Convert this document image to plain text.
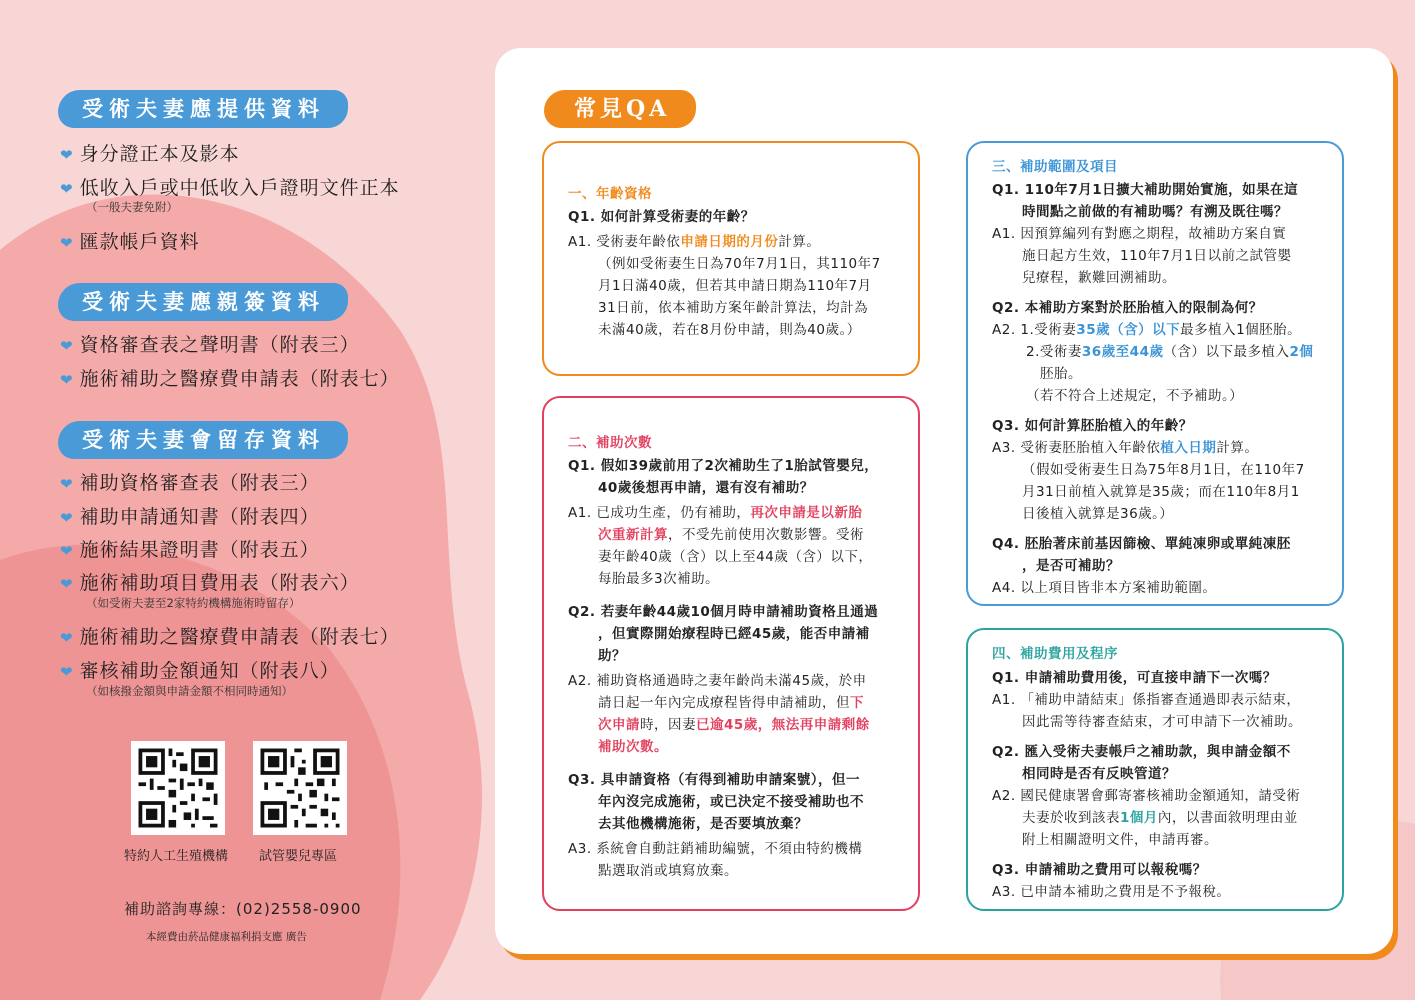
受術夫妻應提供資料
❤ 身分證正本及影本
❤ 低收入戶或中低收入戶證明文件正本
（一般夫妻免附）
❤ 匯款帳戶資料
受術夫妻應親簽資料
❤ 資格審查表之聲明書（附表三）
❤ 施術補助之醫療費申請表（附表七）
受術夫妻會留存資料
❤ 補助資格審查表（附表三）
❤ 補助申請通知書（附表四）
❤ 施術結果證明書（附表五）
❤ 施術補助項目費用表（附表六）
（如受術夫妻至2家特約機構施術時留存）
❤ 施術補助之醫療費申請表（附表七）
❤ 審核補助金額通知（附表八）
（如核撥金額與申請金額不相同時通知）
特約人工生殖機構 試管嬰兒專區
補助諮詢專線：(02)2558-0900
本經費由菸品健康福利捐支應 廣告
常見QA
一、年齡資格
Q1. 如何計算受術妻的年齡？
A1. 受術妻年齡依申請日期的月份計算。
（例如受術妻生日為70年7月1日，其110年7
月1日滿40歲，但若其申請日期為110年7月
31日前，依本補助方案年齡計算法，均計為
未滿40歲，若在8月份申請，則為40歲。）
二、補助次數
Q1. 假如39歲前用了2次補助生了1胎試管嬰兒，
40歲後想再申請，還有沒有補助？
A1. 已成功生產，仍有補助，再次申請是以新胎
次重新計算，不受先前使用次數影響。受術
妻年齡40歲（含）以上至44歲（含）以下，
每胎最多3次補助。
Q2. 若妻年齡44歲10個月時申請補助資格且通過
，但實際開始療程時已經45歲，能否申請補
助？
A2. 補助資格通過時之妻年齡尚未滿45歲，於申
請日起一年內完成療程皆得申請補助，但下
次申請時，因妻已逾45歲，無法再申請剩餘
補助次數。
Q3. 具申請資格（有得到補助申請案號），但一
年內沒完成施術，或已決定不接受補助也不
去其他機構施術，是否要填放棄？
A3. 系統會自動註銷補助編號，不須由特約機構
點選取消或填寫放棄。
三、補助範圍及項目
Q1. 110年7月1日擴大補助開始實施，如果在這
時間點之前做的有補助嗎？有溯及既往嗎？
A1. 因預算編列有對應之期程，故補助方案自實
施日起方生效，110年7月1日以前之試管嬰
兒療程，歉難回溯補助。
Q2. 本補助方案對於胚胎植入的限制為何？
A2. 1.受術妻35歲（含）以下最多植入1個胚胎。
2.受術妻36歲至44歲（含）以下最多植入2個
胚胎。
（若不符合上述規定，不予補助。）
Q3. 如何計算胚胎植入的年齡？
A3. 受術妻胚胎植入年齡依植入日期計算。
（假如受術妻生日為75年8月1日，在110年7
月31日前植入就算是35歲；而在110年8月1
日後植入就算是36歲。）
Q4. 胚胎著床前基因篩檢、單純凍卵或單純凍胚
，是否可補助？
A4. 以上項目皆非本方案補助範圍。
四、補助費用及程序
Q1. 申請補助費用後，可直接申請下一次嗎？
A1. 「補助申請結束」係指審查通過即表示結束，
因此需等待審查結束，才可申請下一次補助。
Q2. 匯入受術夫妻帳戶之補助款，與申請金額不
相同時是否有反映管道？
A2. 國民健康署會郵寄審核補助金額通知，請受術
夫妻於收到該表1個月內，以書面敘明理由並
附上相關證明文件，申請再審。
Q3. 申請補助之費用可以報稅嗎？
A3. 已申請本補助之費用是不予報稅。
